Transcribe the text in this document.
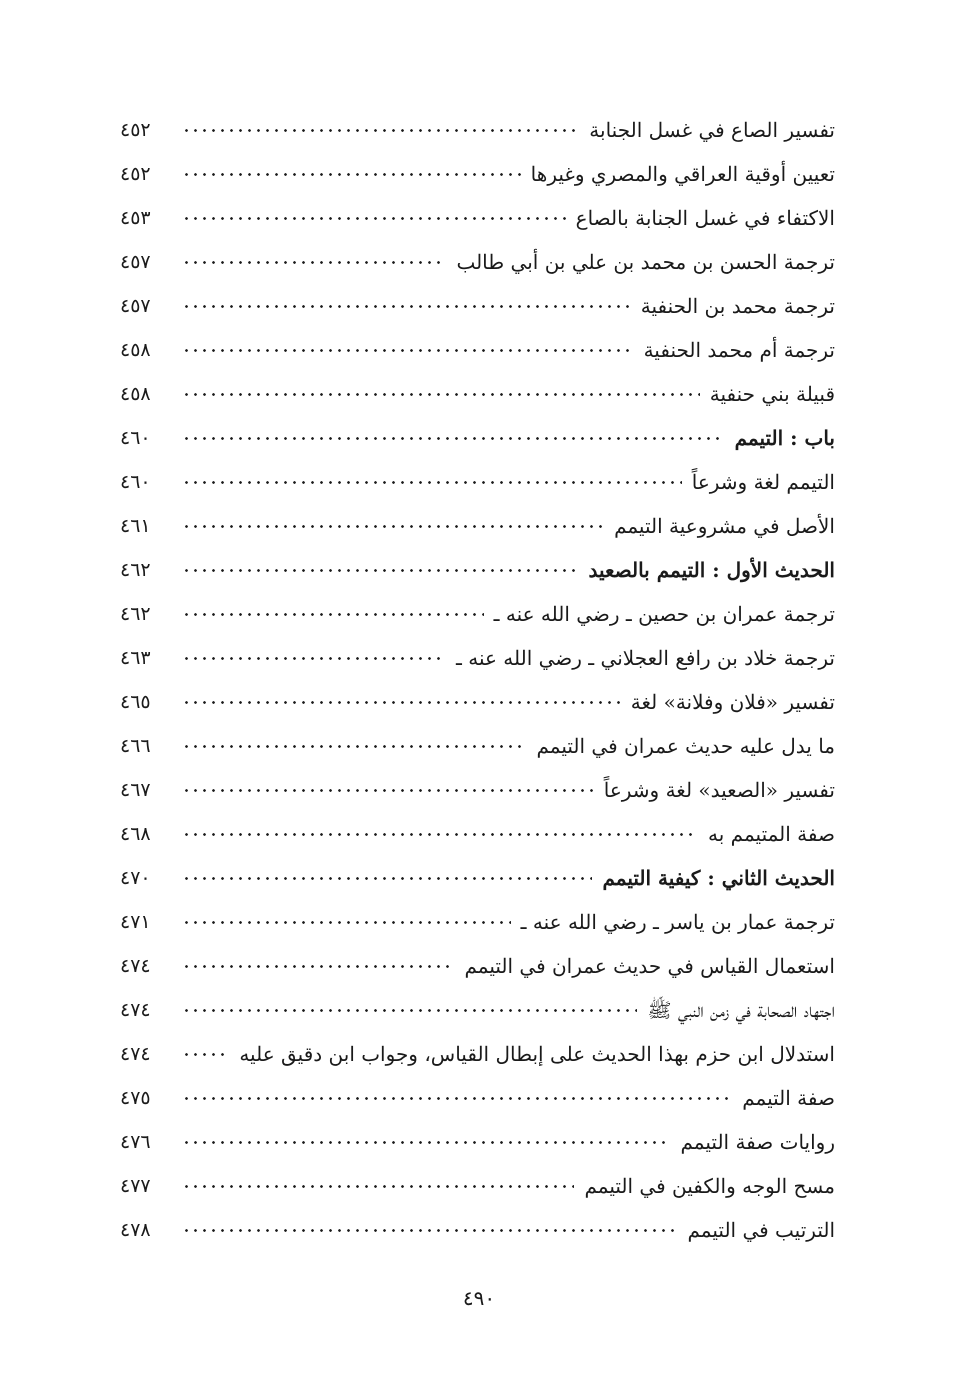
تفسير الصاع في غسل الجنابة
٤٥٢
تعيين أوقية العراقي والمصري وغيرها
٤٥٢
الاكتفاء في غسل الجنابة بالصاع
٤٥٣
ترجمة الحسن بن محمد بن علي بن أبي طالب
٤٥٧
ترجمة محمد بن الحنفية
٤٥٧
ترجمة أم محمد الحنفية
٤٥٨
قبيلة بني حنفية
٤٥٨
باب : التيمم
٤٦٠
التيمم لغة وشرعاً
٤٦٠
الأصل في مشروعية التيمم
٤٦١
الحديث الأول : التيمم بالصعيد
٤٦٢
ترجمة عمران بن حصين ـ رضي الله عنه ـ
٤٦٢
ترجمة خلاد بن رافع العجلاني ـ رضي الله عنه ـ
٤٦٣
تفسير «فلان وفلانة» لغة
٤٦٥
ما يدل عليه حديث عمران في التيمم
٤٦٦
تفسير «الصعيد» لغة وشرعاً
٤٦٧
صفة المتيمم به
٤٦٨
الحديث الثاني : كيفية التيمم
٤٧٠
ترجمة عمار بن ياسر ـ رضي الله عنه ـ
٤٧١
استعمال القياس في حديث عمران في التيمم
٤٧٤
اجتهاد الصحابة في زمن النبي ﷺ
٤٧٤
استدلال ابن حزم بهذا الحديث على إبطال القياس، وجواب ابن دقيق عليه
٤٧٤
صفة التيمم
٤٧٥
روايات صفة التيمم
٤٧٦
مسح الوجه والكفين في التيمم
٤٧٧
الترتيب في التيمم
٤٧٨
٤٩٠
